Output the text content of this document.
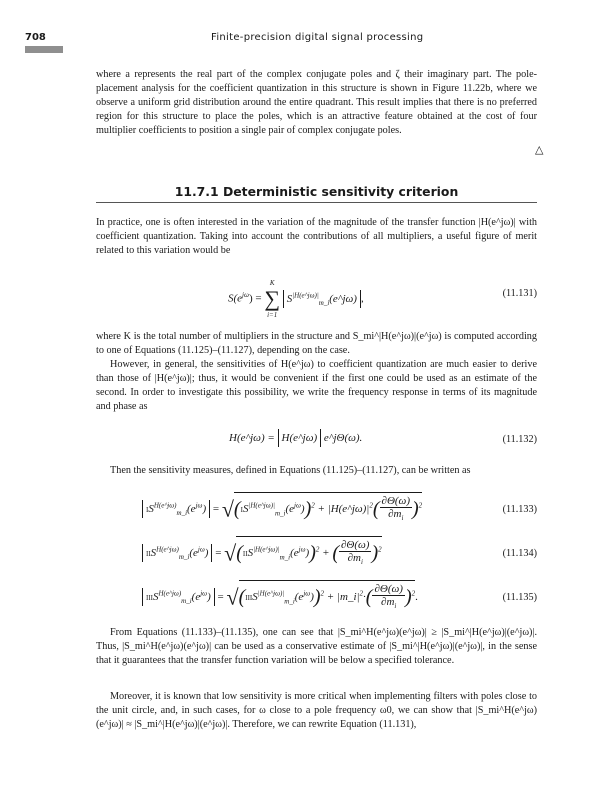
708	Finite-precision digital signal processing
where a represents the real part of the complex conjugate poles and ζ their imaginary part. The pole-placement analysis for the coefficient quantization in this structure is shown in Figure 11.22b, where we observe a uniform grid distribution around the entire quadrant. This result implies that there is no preferred region for this structure to place the poles, which is an attractive feature obtained at the cost of four multiplier coefficients to position a single pair of complex conjugate poles.
△
11.7.1 Deterministic sensitivity criterion
In practice, one is often interested in the variation of the magnitude of the transfer function |H(e^jω)| with coefficient quantization. Taking into account the contributions of all multipliers, a useful figure of merit related to this variation would be
$S(e^{j\omega})$ =
K
∑
i=1
$S^{|H(e\^{}j\omega)|}_{m\_i}(e\^{}j\omega)$ ,	(11.131)
where K is the total number of multipliers in the structure and S_mi^|H(e^jω)|(e^jω) is computed according to one of Equations (11.125)–(11.127), depending on the case.
However, in general, the sensitivities of H(e^jω) to coefficient quantization are much easier to derive than those of |H(e^jω)|; thus, it would be convenient if the first one could be used as an estimate of the second. In order to investigate this possibility, we write the frequency response in terms of its magnitude and phase as
H(e^jω) = H(e^jω) e^jΘ(ω).	(11.132)
Then the sensitivity measures, defined in Equations (11.125)–(11.127), can be written as
$IS^{H(e\^{}j\omega)}_{m\_i}(e^{j\omega}) = √(IS^{|H(e\^{}j\omega)|}_{m\_i}(e^{j\omega}))^2$ + $|H(e\^{}j\omega)|^2( \frac{\partial\Theta(\omega)}{\partial m_i} )^2$	(11.133)
$IIS^{H(e\^{}j\omega)}_{m\_i}(e^{j\omega}) = √(IIS^{|H(e\^{}j\omega)|}_{m\_i}(e^{j\omega}))^2$ + ( $\frac{\partial\Theta(\omega)}{\partial m_i} )^2$	(11.134)
$IIIS^{H(e\^{}j\omega)}_{m\_i}(e^{j\omega})$ = $√(IIIS^{|H(e\^{}j\omega)|}_{m\_i}(e^{j\omega}))^2$ + $|m\_i|^2\cdot( \frac{\partial\Theta(\omega)}{\partial m_i} )^2$.	(11.135)
From Equations (11.133)–(11.135), one can see that |S_mi^H(e^jω)(e^jω)| ≥ |S_mi^|H(e^jω)|(e^jω)|. Thus, |S_mi^H(e^jω)(e^jω)| can be used as a conservative estimate of |S_mi^|H(e^jω)|(e^jω)|, in the sense that it guarantees that the transfer function variation will be below a specified tolerance.
Moreover, it is known that low sensitivity is more critical when implementing filters with poles close to the unit circle, and, in such cases, for ω close to a pole frequency ω0, we can show that |S_mi^H(e^jω)(e^jω)| ≈ |S_mi^|H(e^jω)|(e^jω)|. Therefore, we can rewrite Equation (11.131),
